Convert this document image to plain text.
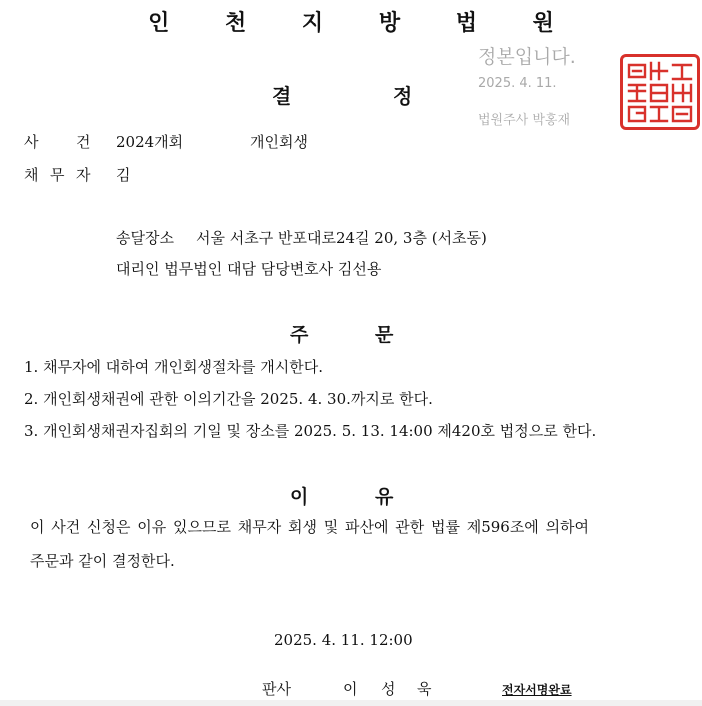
인 천 지 방 법 원
정본입니다.
2025. 4. 11.
법원주사 박홍재
결	정
사	건 2024개회	개인회생
채 무 자 김
송달장소 서울 서초구 반포대로24길 20, 3층 (서초동)
대리인 법무법인 대담 담당변호사 김선용
주	문
1. 채무자에 대하여 개인회생절차를 개시한다.
2. 개인회생채권에 관한 이의기간을 2025. 4. 30.까지로 한다.
3. 개인회생채권자집회의 기일 및 장소를 2025. 5. 13. 14:00 제420호 법정으로 한다.
이	유
이 사건 신청은 이유 있으므로 채무자 회생 및 파산에 관한 법률 제596조에 의하여
주문과 같이 결정한다.
2025. 4. 11. 12:00
판사	이 성 욱	전자서명완료
